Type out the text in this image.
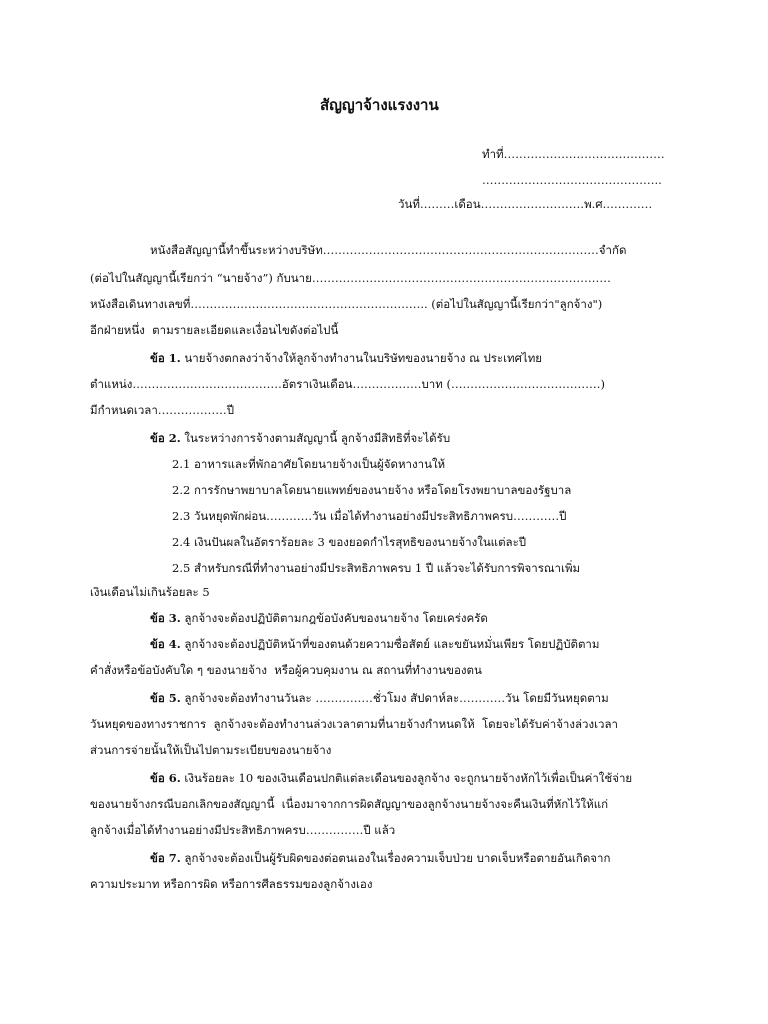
สัญญาจ้างแรงงาน
ทำที่……………………………………
………………………………………..
วันที่………เดือน………………………พ.ศ.…………
หนังสือสัญญานี้ทำขึ้นระหว่างบริษัท………………………………………………………………จำกัด
(ต่อไปในสัญญานี้เรียกว่า “นายจ้าง”) กับนาย……………………………………………………………………
หนังสือเดินทางเลขที่…………………………………………………….. (ต่อไปในสัญญานี้เรียกว่า"ลูกจ้าง")
อีกฝ่ายหนึ่ง  ตามรายละเอียดและเงื่อนไขดังต่อไปนี้
ข้อ 1. นายจ้างตกลงว่าจ้างให้ลูกจ้างทำงานในบริษัทของนายจ้าง ณ ประเทศไทย
ตำแหน่ง…………………………………อัตราเงินเดือน………………บาท (…………………………………)
มีกำหนดเวลา………………ปี
ข้อ 2. ในระหว่างการจ้างตามสัญญานี้ ลูกจ้างมีสิทธิที่จะได้รับ
2.1 อาหารและที่พักอาศัยโดยนายจ้างเป็นผู้จัดหางานให้
2.2 การรักษาพยาบาลโดยนายแพทย์ของนายจ้าง หรือโดยโรงพยาบาลของรัฐบาล
2.3 วันหยุดพักผ่อน…………วัน เมื่อได้ทำงานอย่างมีประสิทธิภาพครบ…………ปี
2.4 เงินปันผลในอัตราร้อยละ 3 ของยอดกำไรสุทธิของนายจ้างในแต่ละปี
2.5 สำหรับกรณีที่ทำงานอย่างมีประสิทธิภาพครบ 1 ปี แล้วจะได้รับการพิจารณาเพิ่ม
เงินเดือนไม่เกินร้อยละ 5
ข้อ 3. ลูกจ้างจะต้องปฏิบัติตามกฎข้อบังคับของนายจ้าง โดยเคร่งครัด
ข้อ 4. ลูกจ้างจะต้องปฏิบัติหน้าที่ของตนด้วยความซื่อสัตย์ และขยันหมั่นเพียร โดยปฏิบัติตาม
คำสั่งหรือข้อบังคับใด ๆ ของนายจ้าง  หรือผู้ควบคุมงาน ณ สถานที่ทำงานของตน
ข้อ 5. ลูกจ้างจะต้องทำงานวันละ ……………ชั่วโมง สัปดาห์ละ…………วัน โดยมีวันหยุดตาม
วันหยุดของทางราชการ  ลูกจ้างจะต้องทำงานล่วงเวลาตามที่นายจ้างกำหนดให้  โดยจะได้รับค่าจ้างล่วงเวลา
ส่วนการจ่ายนั้นให้เป็นไปตามระเบียบของนายจ้าง
ข้อ 6. เงินร้อยละ 10 ของเงินเดือนปกติแต่ละเดือนของลูกจ้าง จะถูกนายจ้างหักไว้เพื่อเป็นค่าใช้จ่าย
ของนายจ้างกรณีบอกเลิกของสัญญานี้  เนื่องมาจากการผิดสัญญาของลูกจ้างนายจ้างจะคืนเงินที่หักไว้ให้แก่
ลูกจ้างเมื่อได้ทำงานอย่างมีประสิทธิภาพครบ……………ปี แล้ว
ข้อ 7. ลูกจ้างจะต้องเป็นผู้รับผิดของต่อตนเองในเรื่องความเจ็บป่วย บาดเจ็บหรือตายอันเกิดจาก
ความประมาท หรือการผิด หรือการศีลธรรมของลูกจ้างเอง
